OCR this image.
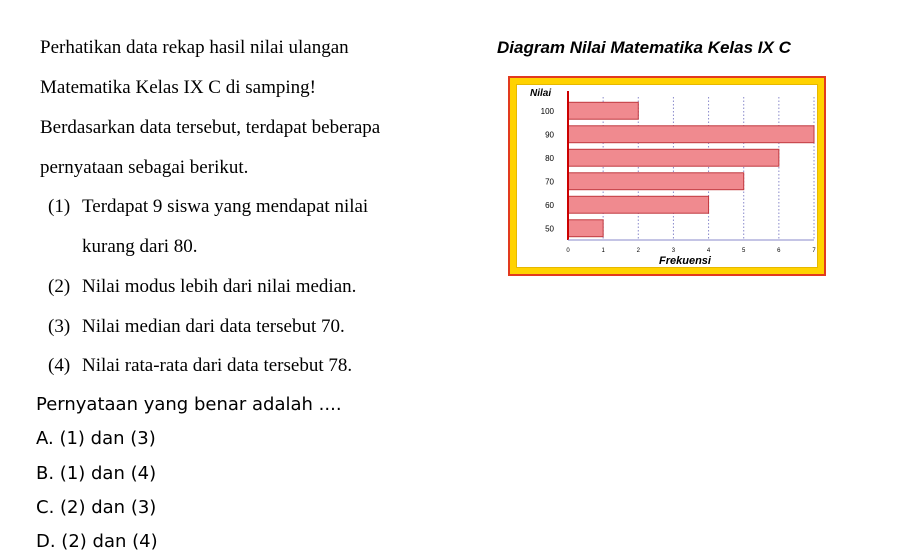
Perhatikan data rekap hasil nilai ulangan
Matematika Kelas IX C di samping!
Berdasarkan data tersebut, terdapat beberapa
pernyataan sebagai berikut.
(1) Terdapat 9 siswa yang mendapat nilai
kurang dari 80.
(2) Nilai modus lebih dari nilai median.
(3) Nilai median dari data tersebut 70.
(4) Nilai rata-rata dari data tersebut 78.
Pernyataan yang benar adalah ....
A. (1) dan (3)
B. (1) dan (4)
C. (2) dan (3)
D. (2) dan (4)
Diagram Nilai Matematika Kelas IX C
100
90
80
70
60
50
0	1	2	3	4	5	6	7
Nilai
Frekuensi
